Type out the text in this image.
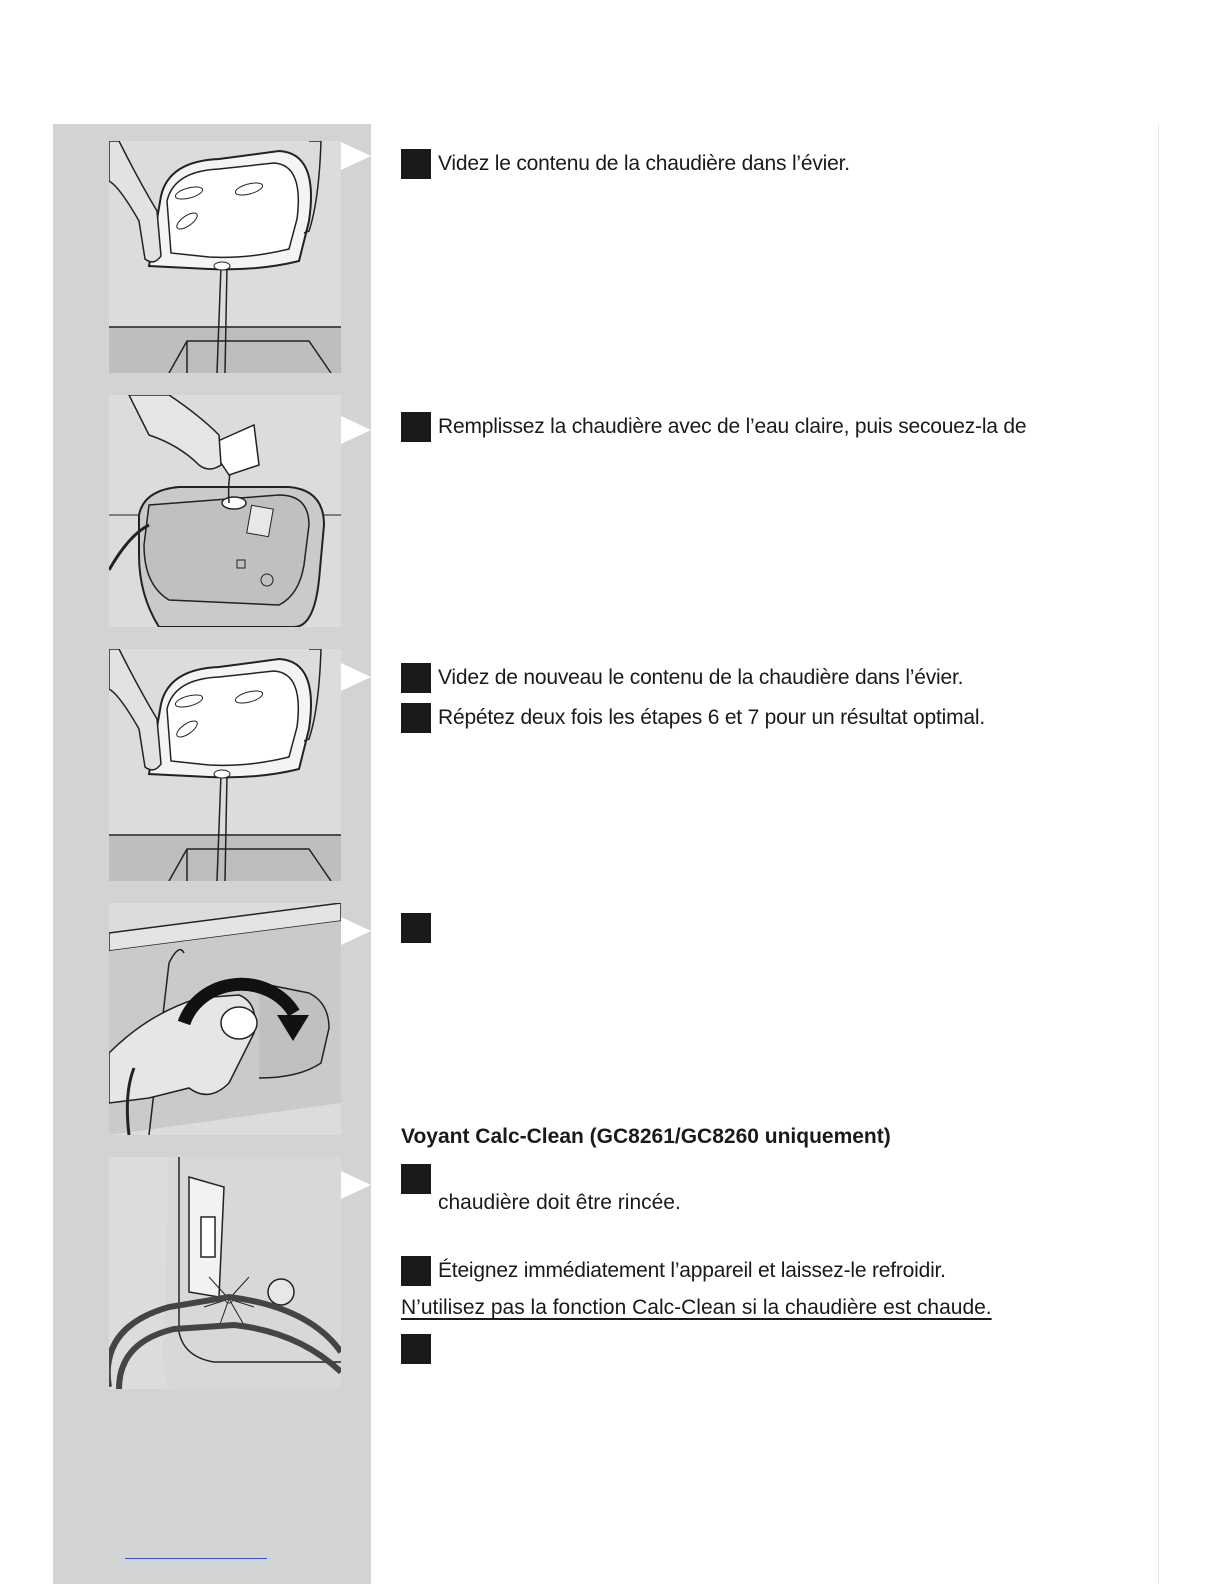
Videz le contenu de la chaudière dans l’évier.
Remplissez la chaudière avec de l’eau claire, puis secouez-la de
Videz de nouveau le contenu de la chaudière dans l’évier.
Répétez deux fois les étapes 6 et 7 pour un résultat optimal.
Voyant Calc-Clean (GC8261/GC8260 uniquement)
chaudière doit être rincée.
Éteignez immédiatement l’appareil et laissez-le refroidir.
N’utilisez pas la fonction Calc-Clean si la chaudière est chaude.
